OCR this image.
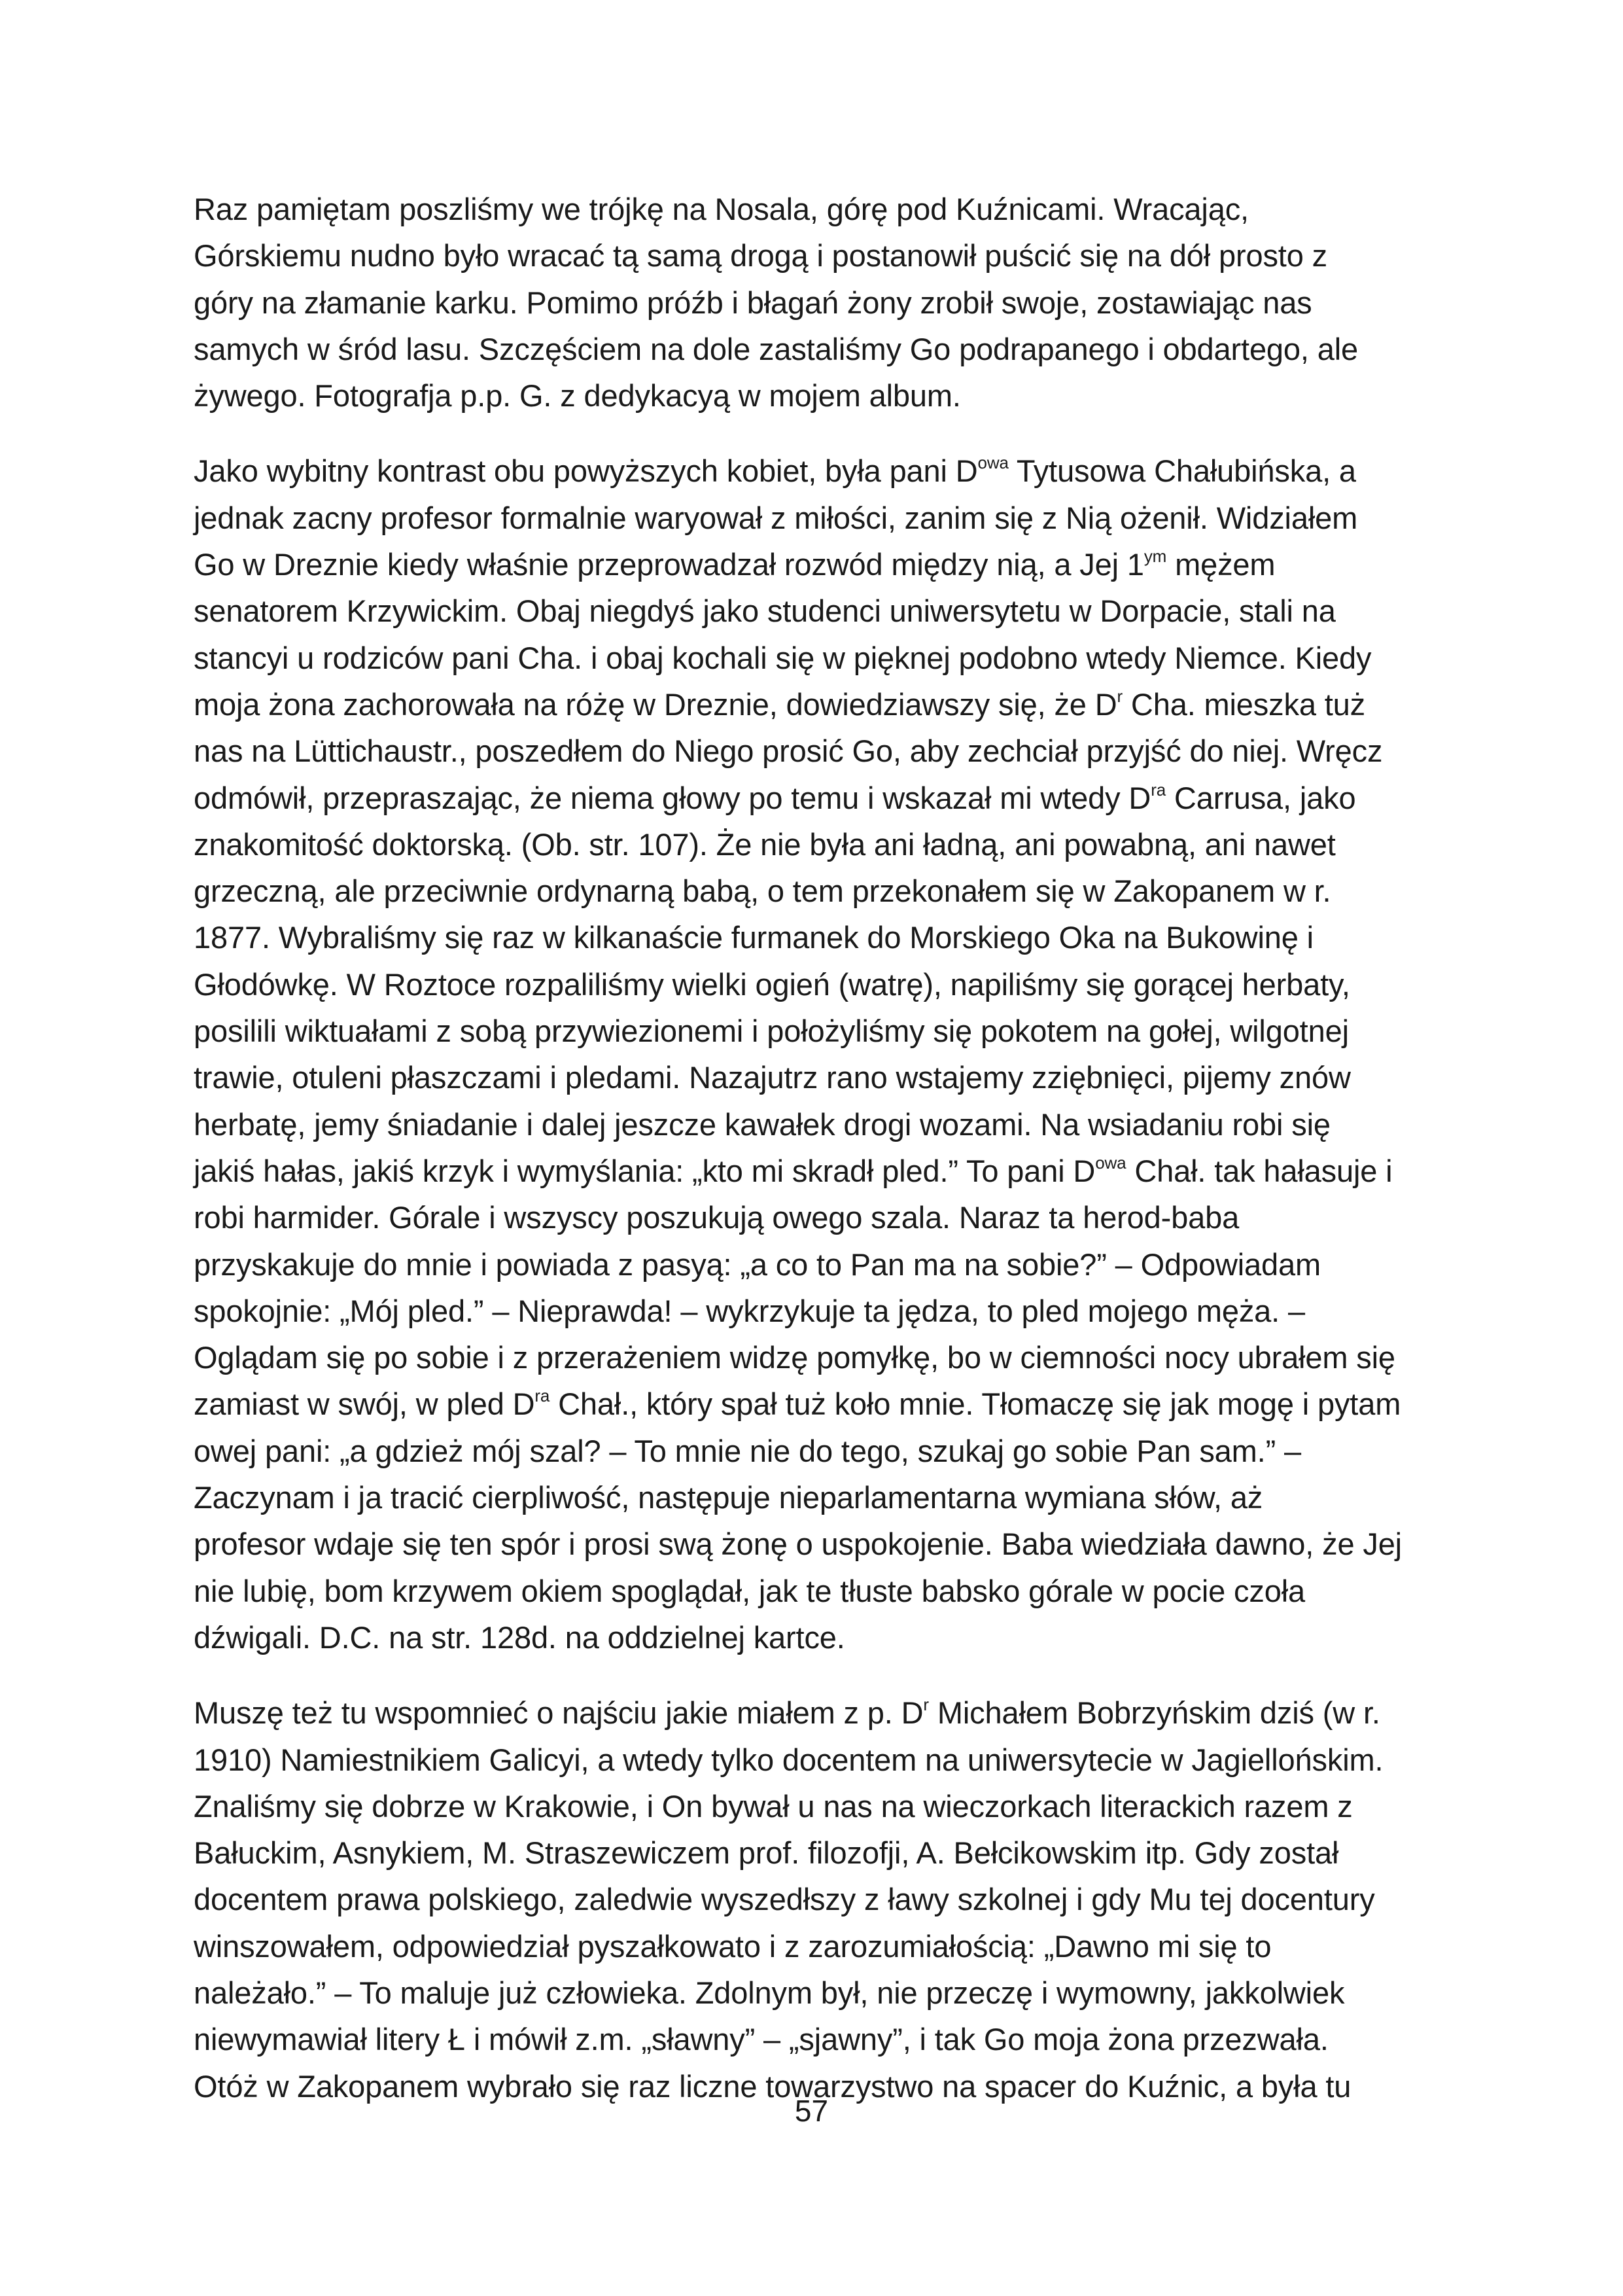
Raz pamiętam poszliśmy we trójkę na Nosala, górę pod Kuźnicami. Wracając,
Górskiemu nudno było wracać tą samą drogą i postanowił puścić się na dół prosto z
góry na złamanie karku. Pomimo próźb i błagań żony zrobił swoje, zostawiając nas
samych w śród lasu. Szczęściem na dole zastaliśmy Go podrapanego i obdartego, ale
żywego. Fotografja p.p. G. z dedykacyą w mojem album.

Jako wybitny kontrast obu powyższych kobiet, była pani $D^{owa}$ Tytusowa Chałubińska, a
jednak zacny profesor formalnie waryował z miłości, zanim się z Nią ożenił. Widziałem
Go w Dreznie kiedy właśnie przeprowadzał rozwód między nią, a Jej $1^{ym}$ mężem
senatorem Krzywickim. Obaj niegdyś jako studenci uniwersytetu w Dorpacie, stali na
stancyi u rodziców pani Cha. i obaj kochali się w pięknej podobno wtedy Niemce. Kiedy
moja żona zachorowała na różę w Dreznie, dowiedziawszy się, że $D^r$ Cha. mieszka tuż
nas na Lüttichaustr., poszedłem do Niego prosić Go, aby zechciał przyjść do niej. Wręcz
odmówił, przepraszając, że niema głowy po temu i wskazał mi wtedy $D^{ra}$ Carrusa, jako
znakomitość doktorską. (Ob. str. 107). Że nie była ani ładną, ani powabną, ani nawet
grzeczną, ale przeciwnie ordynarną babą, o tem przekonałem się w Zakopanem w r.
1877. Wybraliśmy się raz w kilkanaście furmanek do Morskiego Oka na Bukowinę i
Głodówkę. W Roztoce rozpaliliśmy wielki ogień (watrę), napiliśmy się gorącej herbaty,
posilili wiktuałami z sobą przywiezionemi i położyliśmy się pokotem na gołej, wilgotnej
trawie, otuleni płaszczami i pledami. Nazajutrz rano wstajemy zziębnięci, pijemy znów
herbatę, jemy śniadanie i dalej jeszcze kawałek drogi wozami. Na wsiadaniu robi się
jakiś hałas, jakiś krzyk i wymyślania: „kto mi skradł pled.” To pani $D^{owa}$ Chał. tak hałasuje i
robi harmider. Górale i wszyscy poszukują owego szala. Naraz ta herod-baba
przyskakuje do mnie i powiada z pasyą: „a co to Pan ma na sobie?” – Odpowiadam
spokojnie: „Mój pled.” – Nieprawda! – wykrzykuje ta jędza, to pled mojego męża. –
Oglądam się po sobie i z przerażeniem widzę pomyłkę, bo w ciemności nocy ubrałem się
zamiast w swój, w pled $D^{ra}$ Chał., który spał tuż koło mnie. Tłomaczę się jak mogę i pytam
owej pani: „a gdzież mój szal? – To mnie nie do tego, szukaj go sobie Pan sam.” –
Zaczynam i ja tracić cierpliwość, następuje nieparlamentarna wymiana słów, aż
profesor wdaje się ten spór i prosi swą żonę o uspokojenie. Baba wiedziała dawno, że Jej
nie lubię, bom krzywem okiem spoglądał, jak te tłuste babsko górale w pocie czoła
dźwigali. D.C. na str. 128d. na oddzielnej kartce.

Muszę też tu wspomnieć o najściu jakie miałem z p. $D^r$ Michałem Bobrzyńskim dziś (w r.
1910) Namiestnikiem Galicyi, a wtedy tylko docentem na uniwersytecie w Jagiellońskim.
Znaliśmy się dobrze w Krakowie, i On bywał u nas na wieczorkach literackich razem z
Bałuckim, Asnykiem, M. Straszewiczem prof. filozofji, A. Bełcikowskim itp. Gdy został
docentem prawa polskiego, zaledwie wyszedłszy z ławy szkolnej i gdy Mu tej docentury
winszowałem, odpowiedział pyszałkowato i z zarozumiałością: „Dawno mi się to
należało.” – To maluje już człowieka. Zdolnym był, nie przeczę i wymowny, jakkolwiek
niewymawiał litery Ł i mówił z.m. „sławny” – „sjawny”, i tak Go moja żona przezwała.
Otóż w Zakopanem wybrało się raz liczne towarzystwo na spacer do Kuźnic, a była tu

57
